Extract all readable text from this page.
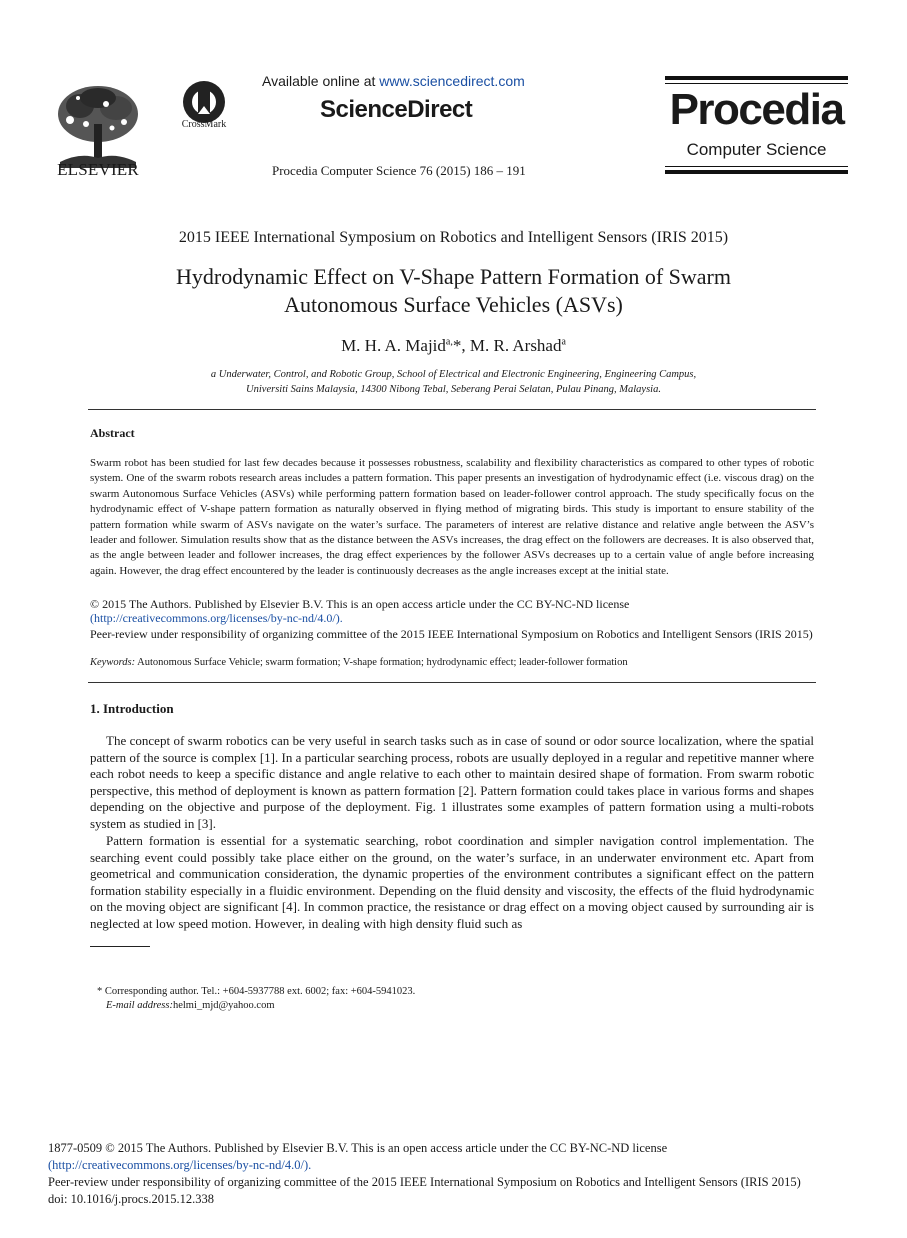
ELSEVIER
CrossMark
Available online at www.sciencedirect.com
ScienceDirect
Procedia Computer Science 76 (2015) 186 – 191
Procedia
Computer Science
2015 IEEE International Symposium on Robotics and Intelligent Sensors (IRIS 2015)
Hydrodynamic Effect on V-Shape Pattern Formation of Swarm
Autonomous Surface Vehicles (ASVs)
M. H. A. Majid$^{a,}$*, M. R. Arshad$^a$
a Underwater, Control, and Robotic Group, School of Electrical and Electronic Engineering, Engineering Campus,
Universiti Sains Malaysia, 14300 Nibong Tebal, Seberang Perai Selatan, Pulau Pinang, Malaysia.
Abstract
Swarm robot has been studied for last few decades because it possesses robustness, scalability and flexibility characteristics as compared to other types of robotic system. One of the swarm robots research areas includes a pattern formation. This paper presents an investigation of hydrodynamic effect (i.e. viscous drag) on the swarm Autonomous Surface Vehicles (ASVs) while performing pattern formation based on leader-follower control approach. The study specifically focus on the hydrodynamic effect of V-shape pattern formation as naturally observed in flying method of migrating birds. This study is important to ensure stability of the pattern formation while swarm of ASVs navigate on the water’s surface. The parameters of interest are relative distance and relative angle between the ASV’s leader and follower. Simulation results show that as the distance between the ASVs increases, the drag effect on the followers are decreases. It is also observed that, as the angle between leader and follower increases, the drag effect experiences by the follower ASVs decreases up to a certain value of angle before increasing again. However, the drag effect encountered by the leader is continuously decreases as the angle increases except at the initial state.
© 2015 The Authors. Published by Elsevier B.V. This is an open access article under the CC BY-NC-ND license
(http://creativecommons.org/licenses/by-nc-nd/4.0/).
Peer-review under responsibility of organizing committee of the 2015 IEEE International Symposium on Robotics and Intelligent Sensors (IRIS 2015)
Keywords: Autonomous Surface Vehicle; swarm formation; V-shape formation; hydrodynamic effect; leader-follower formation
1. Introduction
The concept of swarm robotics can be very useful in search tasks such as in case of sound or odor source localization, where the spatial pattern of the source is complex [1]. In a particular searching process, robots are usually deployed in a regular and repetitive manner where each robot needs to keep a specific distance and angle relative to each other to maintain desired shape of formation. From swarm robotic perspective, this method of deployment is known as pattern formation [2]. Pattern formation could takes place in various forms and shapes depending on the objective and purpose of the deployment. Fig. 1 illustrates some examples of pattern formation using a multi-robots system as studied in [3].
Pattern formation is essential for a systematic searching, robot coordination and simpler navigation control implementation. The searching event could possibly take place either on the ground, on the water’s surface, in an underwater environment etc. Apart from geometrical and communication consideration, the dynamic properties of the environment contributes a significant effect on the pattern formation stability especially in a fluidic environment. Depending on the fluid density and viscosity, the effects of the fluid hydrodynamic on the moving object are significant [4]. In common practice, the resistance or drag effect on a moving object caused by surrounding air is neglected at low speed motion. However, in dealing with high density fluid such as
* Corresponding author. Tel.: +604-5937788 ext. 6002; fax: +604-5941023.
E-mail address:helmi_mjd@yahoo.com
1877-0509 © 2015 The Authors. Published by Elsevier B.V. This is an open access article under the CC BY-NC-ND license
(http://creativecommons.org/licenses/by-nc-nd/4.0/).
Peer-review under responsibility of organizing committee of the 2015 IEEE International Symposium on Robotics and Intelligent Sensors (IRIS 2015)
doi: 10.1016/j.procs.2015.12.338
